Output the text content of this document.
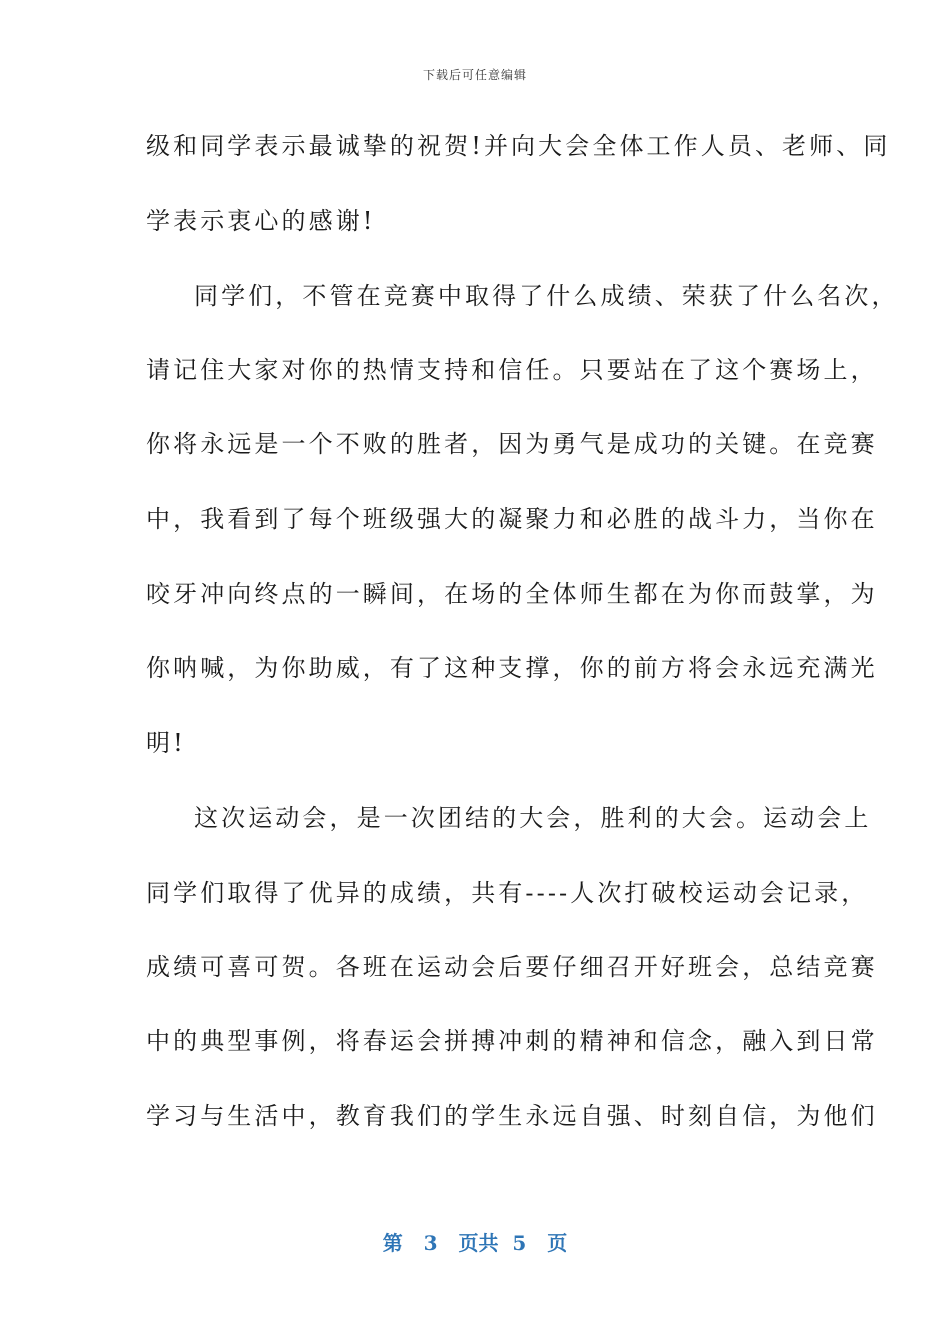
下载后可任意编辑
级和同学表示最诚挚的祝贺!并向大会全体工作人员、老师、同
学表示衷心的感谢!
同学们，不管在竞赛中取得了什么成绩、荣获了什么名次，
请记住大家对你的热情支持和信任。只要站在了这个赛场上，
你将永远是一个不败的胜者，因为勇气是成功的关键。在竞赛
中，我看到了每个班级强大的凝聚力和必胜的战斗力，当你在
咬牙冲向终点的一瞬间，在场的全体师生都在为你而鼓掌，为
你呐喊，为你助威，有了这种支撑，你的前方将会永远充满光
明!
这次运动会，是一次团结的大会，胜利的大会。运动会上
同学们取得了优异的成绩，共有----人次打破校运动会记录，
成绩可喜可贺。各班在运动会后要仔细召开好班会，总结竞赛
中的典型事例，将春运会拼搏冲刺的精神和信念，融入到日常
学习与生活中，教育我们的学生永远自强、时刻自信，为他们
第 3 页共 5 页
